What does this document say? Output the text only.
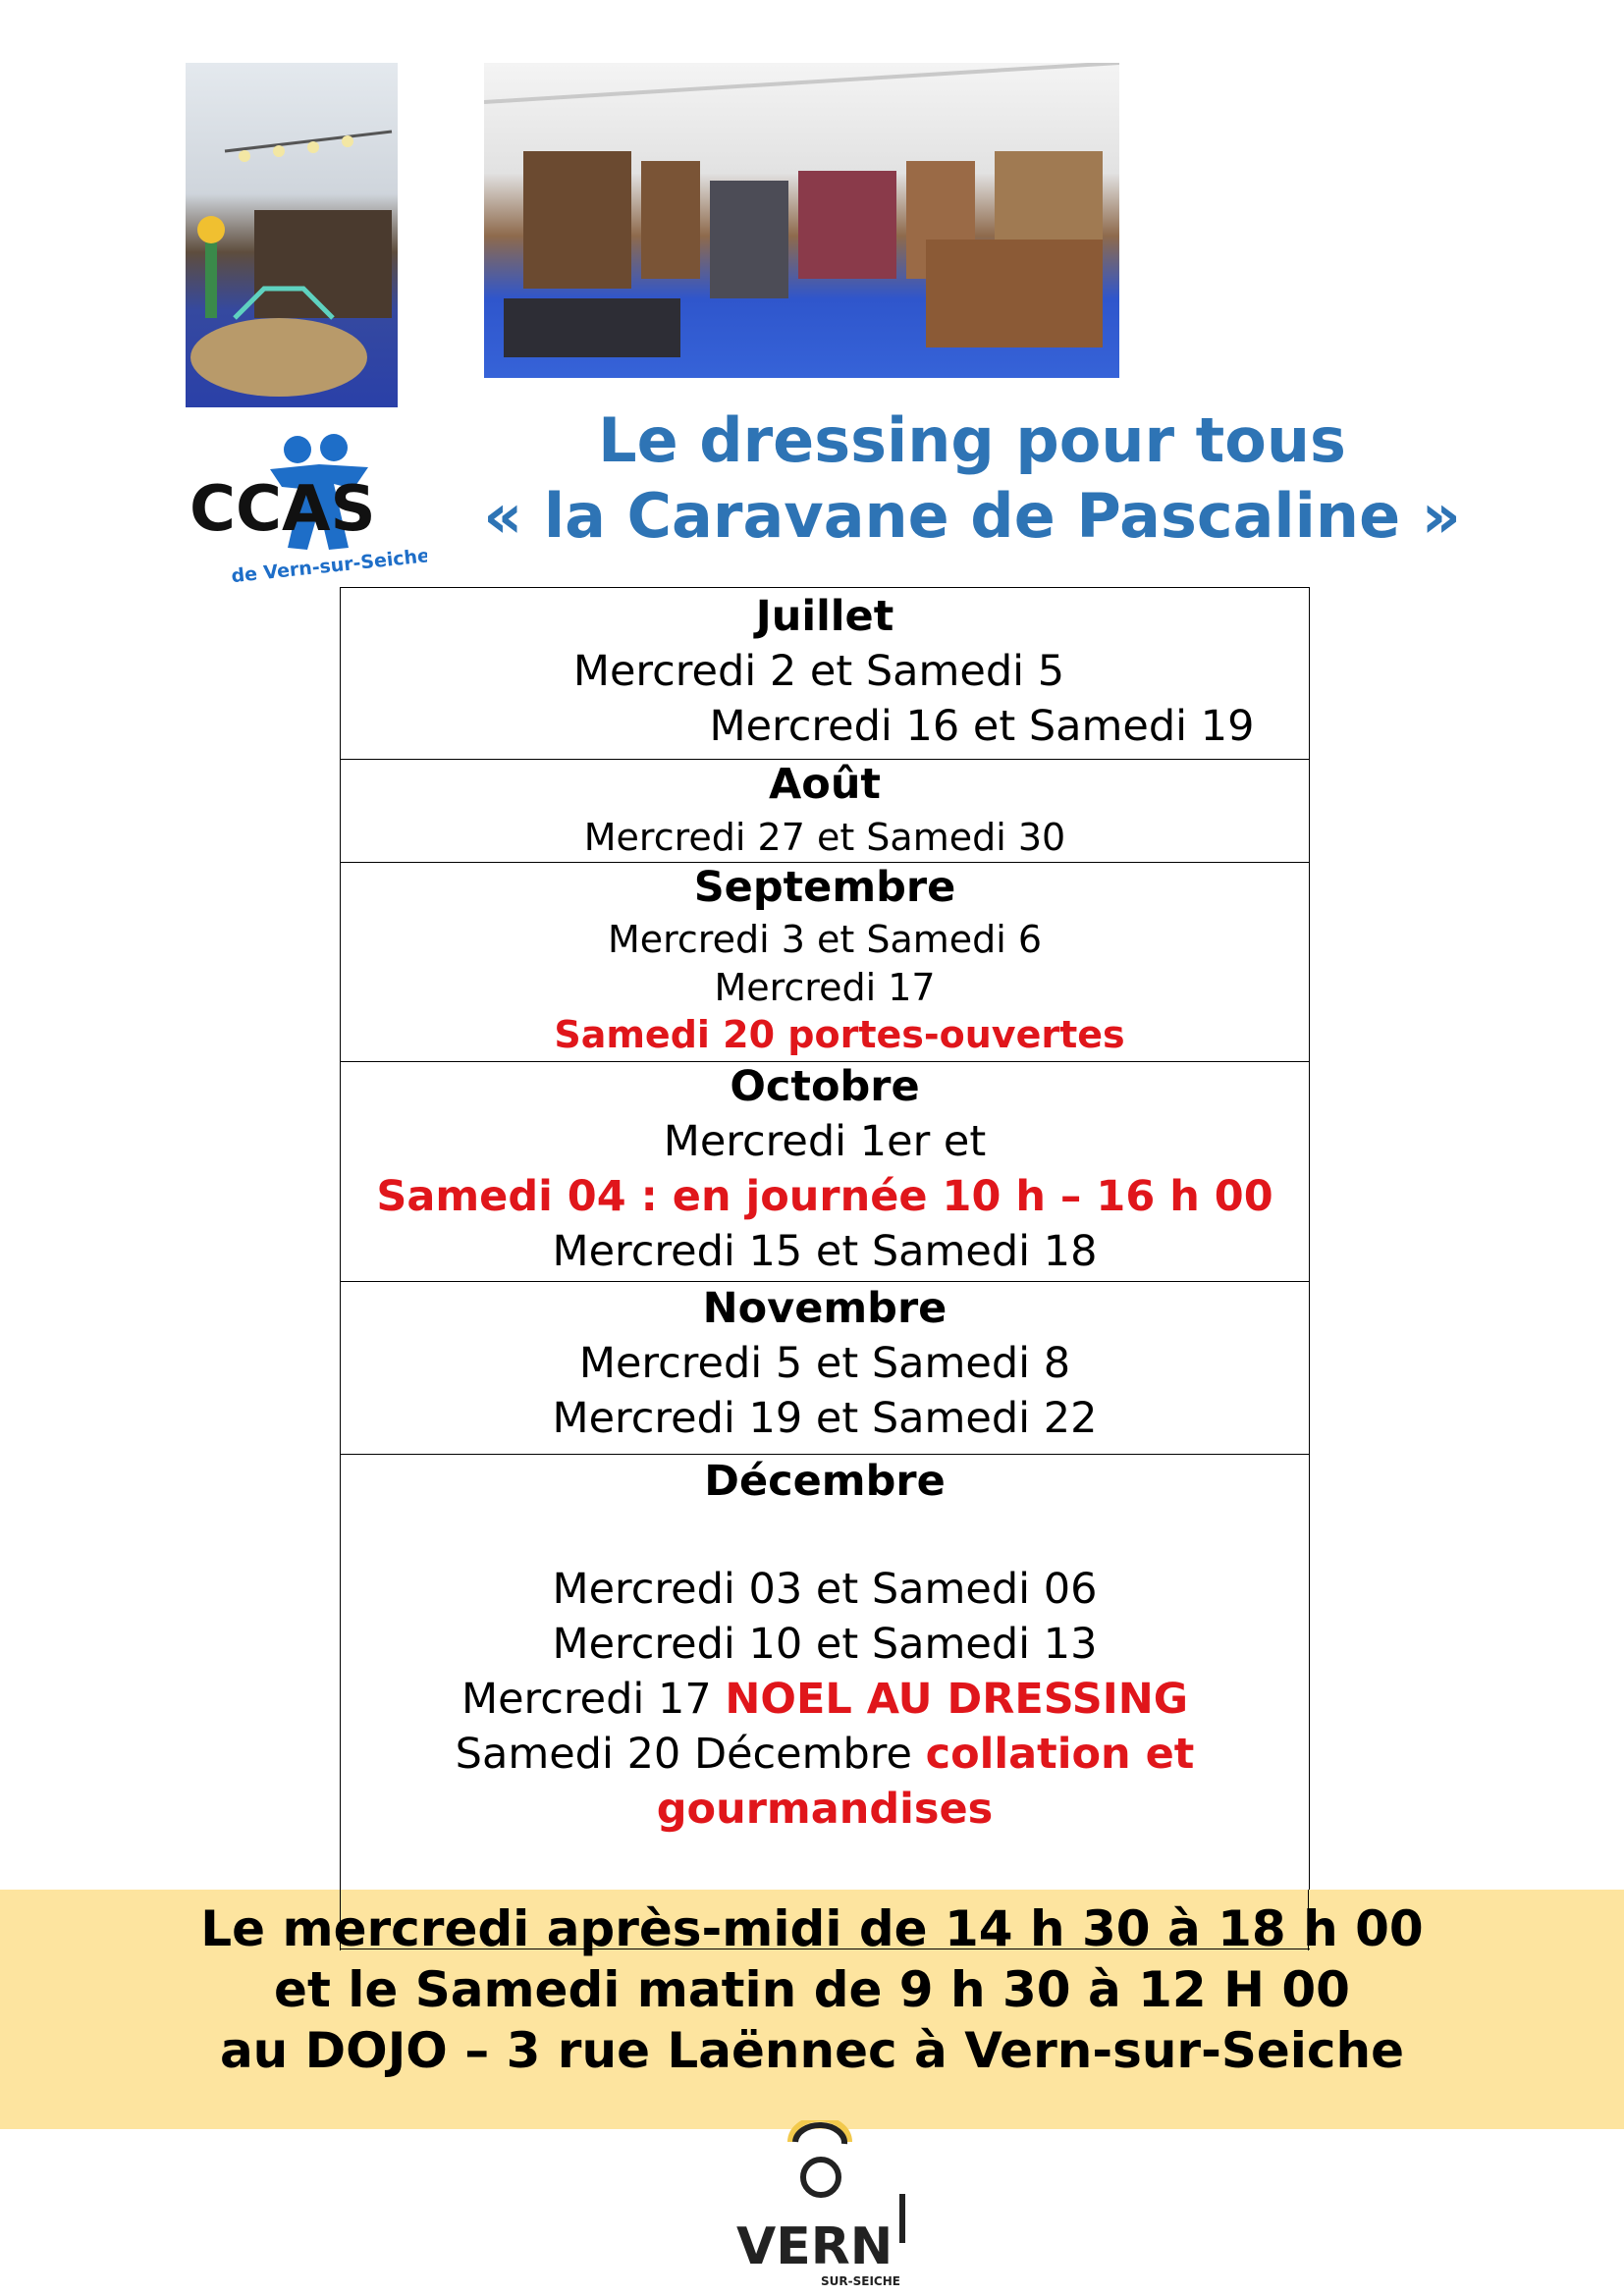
CCAS
de Vern-sur-Seiche
Le dressing pour tous
« la Caravane de Pascaline »
Juillet
Mercredi 2 et Samedi 5
Mercredi 16 et Samedi 19
Août
Mercredi 27 et Samedi 30
Septembre
Mercredi 3 et Samedi 6
Mercredi 17
Samedi 20 portes-ouvertes
Octobre
Mercredi 1er et
Samedi 04 : en journée 10 h – 16 h 00
Mercredi 15 et Samedi 18
Novembre
Mercredi 5 et Samedi 8
Mercredi 19 et Samedi 22
Décembre
Mercredi 03 et Samedi 06
Mercredi 10 et Samedi 13
Mercredi 17 NOEL AU DRESSING
Samedi 20 Décembre collation et
gourmandises
Le mercredi après-midi de 14 h 30 à 18 h 00
et le Samedi matin de 9 h 30 à 12 H 00
au DOJO – 3 rue Laënnec à Vern-sur-Seiche
VERN
SUR-SEICHE
